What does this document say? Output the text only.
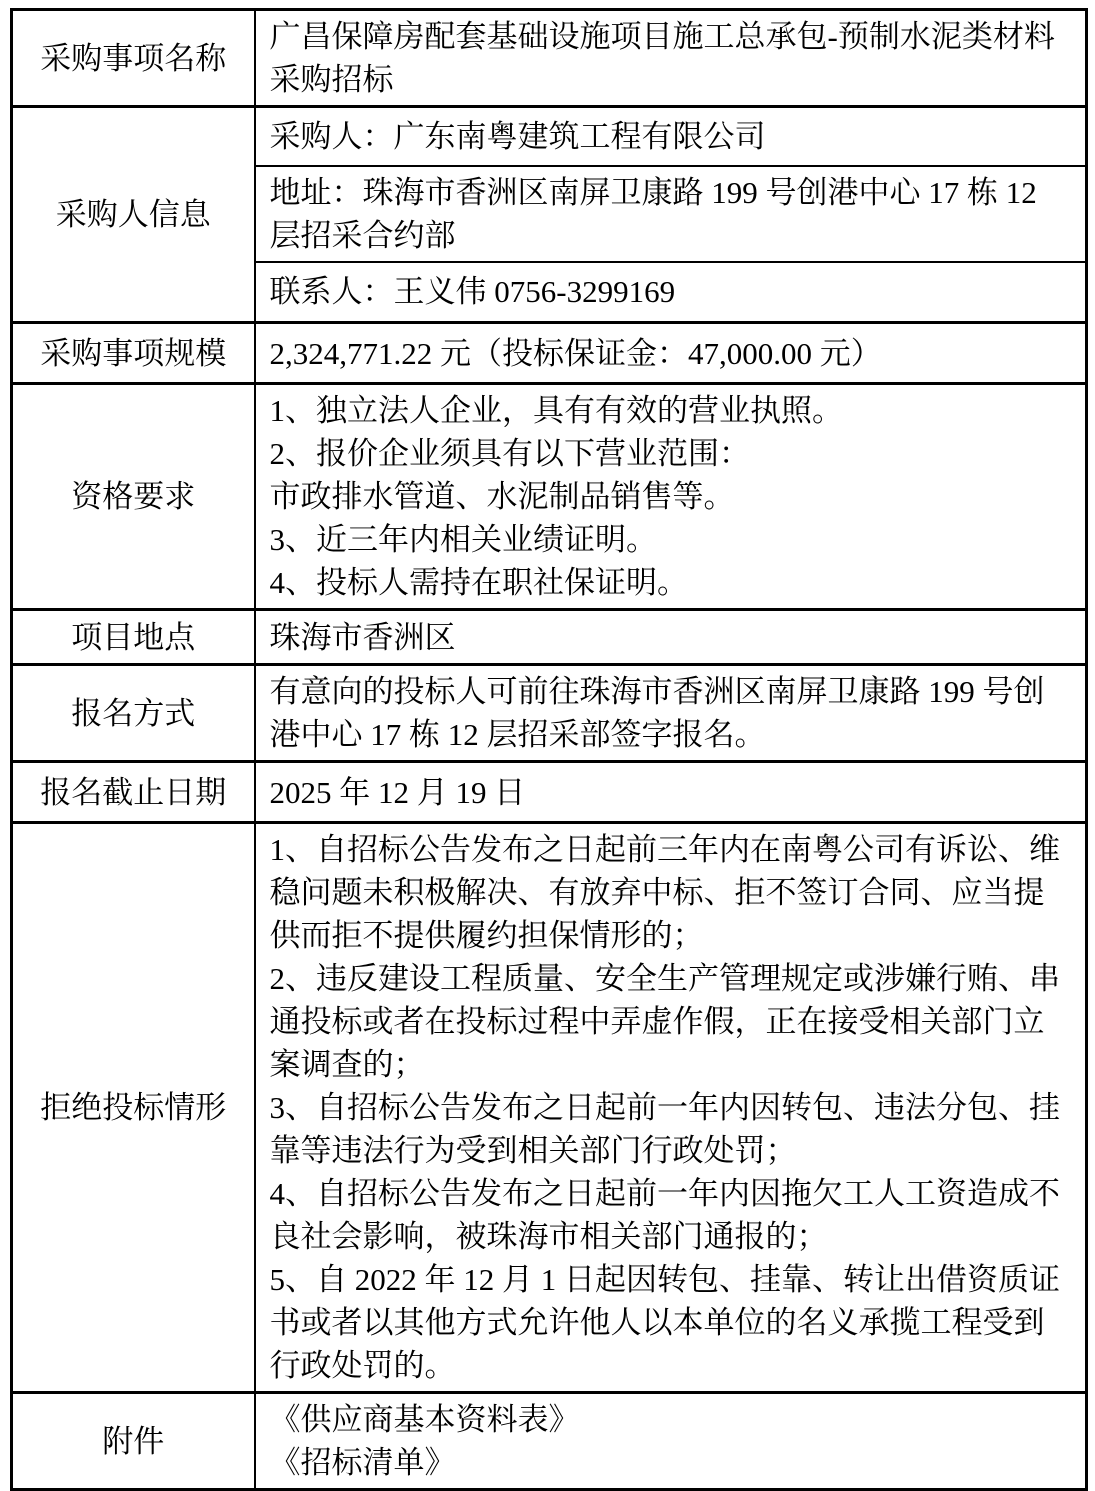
采购事项名称	广昌保障房配套基础设施项目施工总承包-预制水泥类材料采购招标
采购人信息	采购人：广东南粤建筑工程有限公司
	地址：珠海市香洲区南屏卫康路 199 号创港中心 17 栋 12 层招采合约部
	联系人：王义伟 0756-3299169
采购事项规模	2,324,771.22 元（投标保证金：47,000.00 元）
资格要求	1、独立法人企业，具有有效的营业执照。
2、报价企业须具有以下营业范围：
市政排水管道、水泥制品销售等。
3、近三年内相关业绩证明。
4、投标人需持在职社保证明。

项目地点	珠海市香洲区
报名方式	有意向的投标人可前往珠海市香洲区南屏卫康路 199 号创港中心 17 栋 12 层招采部签字报名。
报名截止日期	2025 年 12 月 19 日
拒绝投标情形	1、自招标公告发布之日起前三年内在南粤公司有诉讼、维稳问题未积极解决、有放弃中标、拒不签订合同、应当提供而拒不提供履约担保情形的；
2、违反建设工程质量、安全生产管理规定或涉嫌行贿、串通投标或者在投标过程中弄虚作假，正在接受相关部门立案调查的；
3、自招标公告发布之日起前一年内因转包、违法分包、挂靠等违法行为受到相关部门行政处罚；
4、自招标公告发布之日起前一年内因拖欠工人工资造成不良社会影响，被珠海市相关部门通报的；
5、自 2022 年 12 月 1 日起因转包、挂靠、转让出借资质证书或者以其他方式允许他人以本单位的名义承揽工程受到行政处罚的。

附件	《供应商基本资料表》
《招标清单》
